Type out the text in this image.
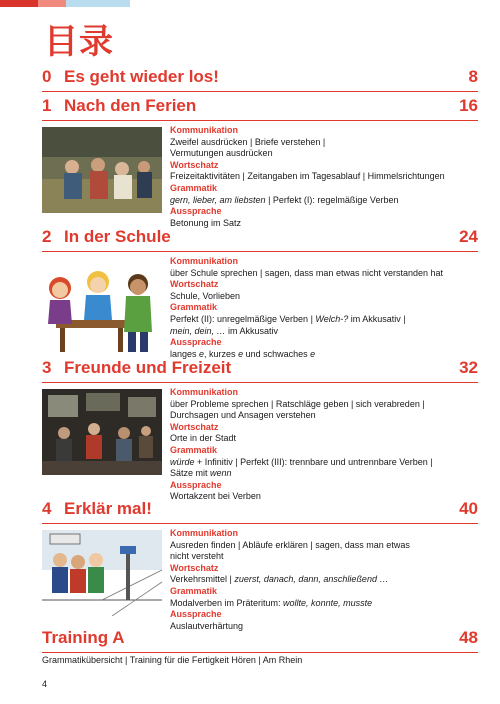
目录
0 Es geht wieder los!	8
1 Nach den Ferien	16
Kommunikation
Zweifel ausdrücken | Briefe verstehen |
Vermutungen ausdrücken
Wortschatz
Freizeitaktivitäten | Zeitangaben im Tagesablauf | Himmelsrichtungen
Grammatik
gern, lieber, am liebsten | Perfekt (I): regelmäßige Verben
Aussprache
Betonung im Satz
2 In der Schule	24
Kommunikation
über Schule sprechen | sagen, dass man etwas nicht verstanden hat
Wortschatz
Schule, Vorlieben
Grammatik
Perfekt (II): unregelmäßige Verben | Welch-? im Akkusativ |
mein, dein, … im Akkusativ
Aussprache
langes e, kurzes e und schwaches e
3 Freunde und Freizeit	32
Kommunikation
über Probleme sprechen | Ratschläge geben | sich verabreden |
Durchsagen und Ansagen verstehen
Wortschatz
Orte in der Stadt
Grammatik
würde + Infinitiv | Perfekt (III): trennbare und untrennbare Verben |
Sätze mit wenn
Aussprache
Wortakzent bei Verben
4 Erklär mal!	40
Kommunikation
Ausreden finden | Abläufe erklären | sagen, dass man etwas
nicht versteht
Wortschatz
Verkehrsmittel | zuerst, danach, dann, anschließend …
Grammatik
Modalverben im Präteritum: wollte, konnte, musste
Aussprache
Auslautverhärtung
Training A	48
Grammatikübersicht | Training für die Fertigkeit Hören | Am Rhein
4
